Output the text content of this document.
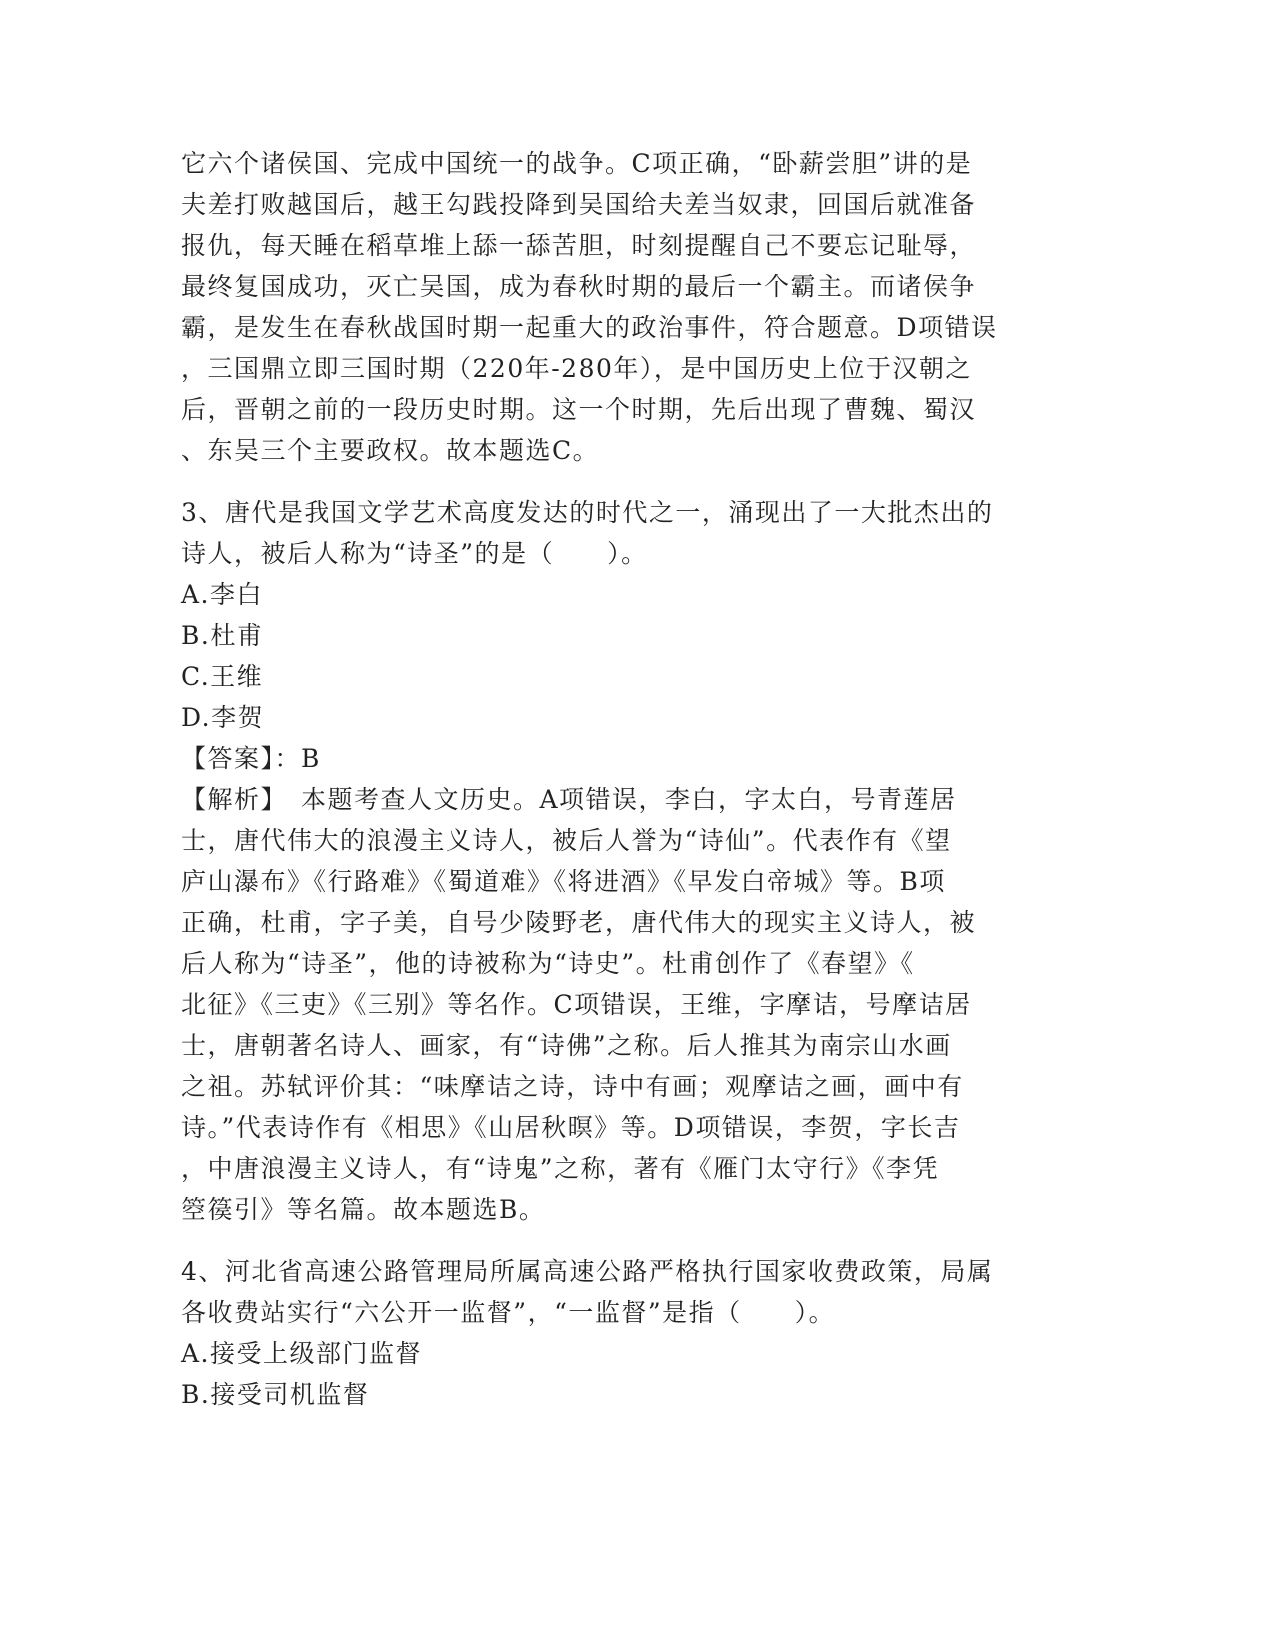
它六个诸侯国、完成中国统一的战争。C项正确，“卧薪尝胆”讲的是
夫差打败越国后，越王勾践投降到吴国给夫差当奴隶，回国后就准备
报仇，每天睡在稻草堆上舔一舔苦胆，时刻提醒自己不要忘记耻辱，
最终复国成功，灭亡吴国，成为春秋时期的最后一个霸主。而诸侯争
霸，是发生在春秋战国时期一起重大的政治事件，符合题意。D项错误
，三国鼎立即三国时期（220年-280年），是中国历史上位于汉朝之
后，晋朝之前的一段历史时期。这一个时期，先后出现了曹魏、蜀汉
、东吴三个主要政权。故本题选C。
3、唐代是我国文学艺术高度发达的时代之一，涌现出了一大批杰出的
诗人，被后人称为“诗圣”的是（　　）。
A.李白
B.杜甫
C.王维
D.李贺
【答案】：B
【解析】　本题考查人文历史。A项错误，李白，字太白，号青莲居
士，唐代伟大的浪漫主义诗人，被后人誉为“诗仙”。代表作有《望
庐山瀑布》《行路难》《蜀道难》《将进酒》《早发白帝城》等。B项
正确，杜甫，字子美，自号少陵野老，唐代伟大的现实主义诗人，被
后人称为“诗圣”，他的诗被称为“诗史”。杜甫创作了《春望》《
北征》《三吏》《三别》等名作。C项错误，王维，字摩诘，号摩诘居
士，唐朝著名诗人、画家，有“诗佛”之称。后人推其为南宗山水画
之祖。苏轼评价其：“味摩诘之诗，诗中有画；观摩诘之画，画中有
诗。”代表诗作有《相思》《山居秋暝》等。D项错误，李贺，字长吉
，中唐浪漫主义诗人，有“诗鬼”之称，著有《雁门太守行》《李凭
箜篌引》等名篇。故本题选B。
4、河北省高速公路管理局所属高速公路严格执行国家收费政策，局属
各收费站实行“六公开一监督”，“一监督”是指（　　）。
A.接受上级部门监督
B.接受司机监督
